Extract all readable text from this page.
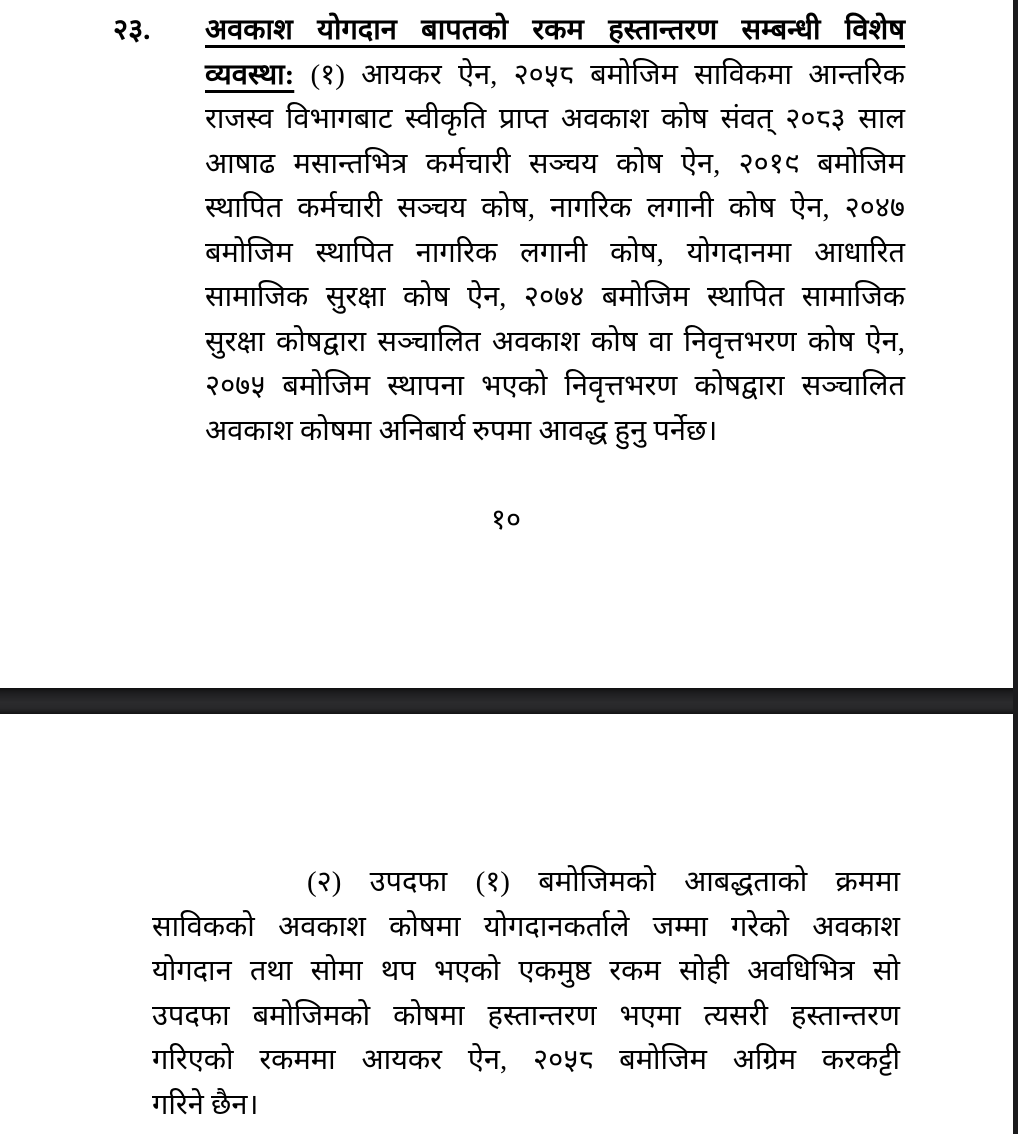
२३. अवकाश योगदान बापतको रकम हस्तान्तरण सम्बन्धी विशेष
व्यवस्था: (१) आयकर ऐन, २०५८ बमोजिम साविकमा आन्तरिक
राजस्व विभागबाट स्वीकृति प्राप्त अवकाश कोष संवत् २०८३ साल
आषाढ मसान्तभित्र कर्मचारी सञ्चय कोष ऐन, २०१९ बमोजिम
स्थापित कर्मचारी सञ्चय कोष, नागरिक लगानी कोष ऐन, २०४७
बमोजिम स्थापित नागरिक लगानी कोष, योगदानमा आधारित
सामाजिक सुरक्षा कोष ऐन, २०७४ बमोजिम स्थापित सामाजिक
सुरक्षा कोषद्वारा सञ्चालित अवकाश कोष वा निवृत्तभरण कोष ऐन,
२०७५ बमोजिम स्थापना भएको निवृत्तभरण कोषद्वारा सञ्चालित
अवकाश कोषमा अनिबार्य रुपमा आवद्ध हुनु पर्नेछ।
१०
(२) उपदफा (१) बमोजिमको आबद्धताको क्रममा
साविकको अवकाश कोषमा योगदानकर्ताले जम्मा गरेको अवकाश
योगदान तथा सोमा थप भएको एकमुष्ठ रकम सोही अवधिभित्र सो
उपदफा बमोजिमको कोषमा हस्तान्तरण भएमा त्यसरी हस्तान्तरण
गरिएको रकममा आयकर ऐन, २०५८ बमोजिम अग्रिम करकट्टी
गरिने छैन।
